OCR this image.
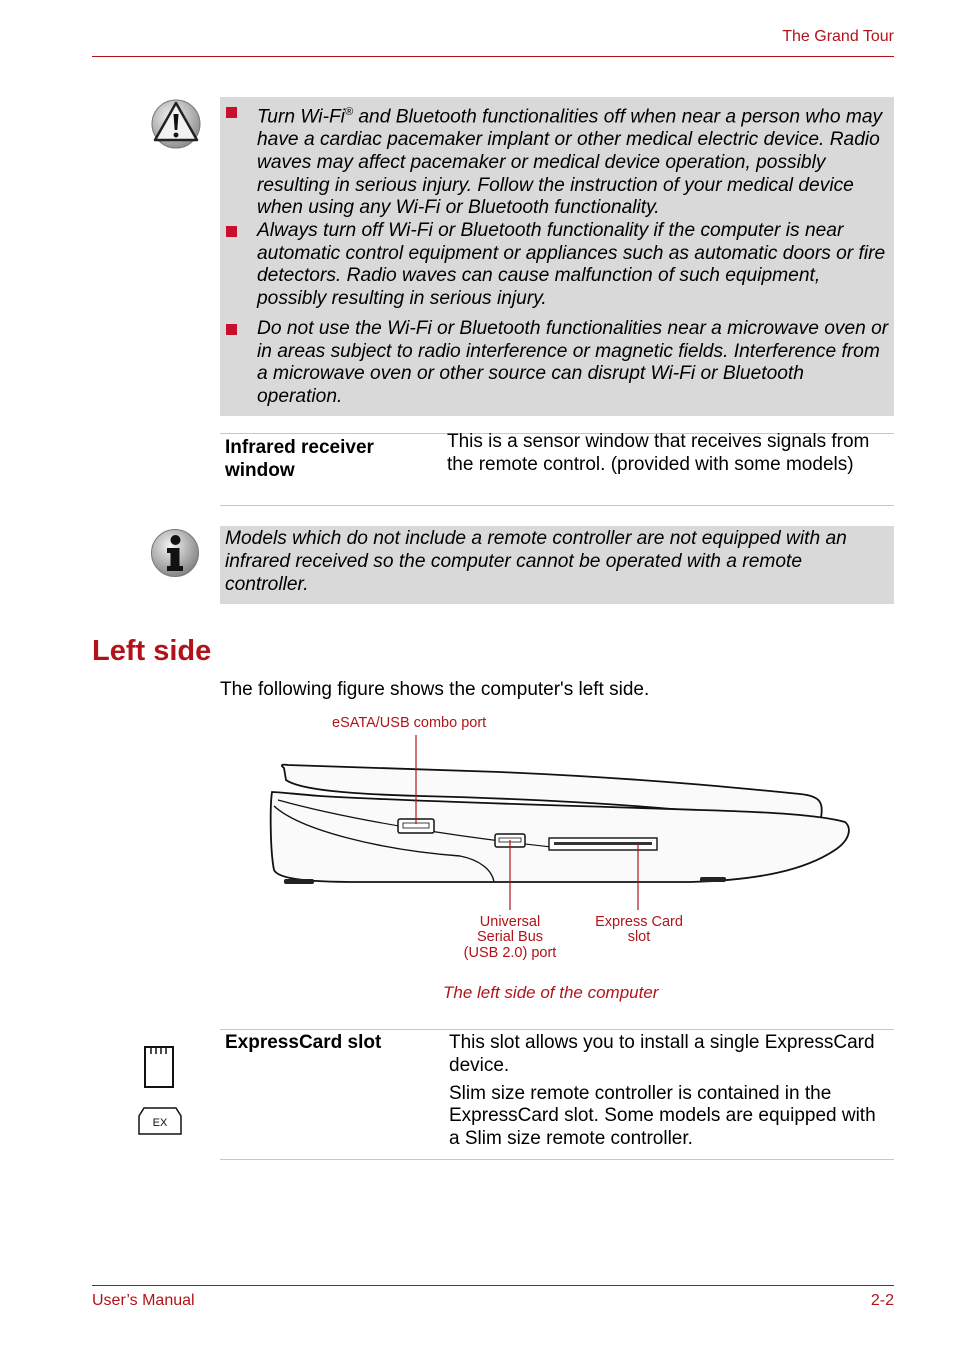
The Grand Tour
Turn Wi-Fi® and Bluetooth functionalities off when near a person who may have a cardiac pacemaker implant or other medical electric device. Radio waves may affect pacemaker or medical device operation, possibly resulting in serious injury. Follow the instruction of your medical device when using any Wi-Fi or Bluetooth functionality.
Always turn off Wi-Fi or Bluetooth functionality if the computer is near automatic control equipment or appliances such as automatic doors or fire detectors. Radio waves can cause malfunction of such equipment, possibly resulting in serious injury.
Do not use the Wi-Fi or Bluetooth functionalities near a microwave oven or in areas subject to radio interference or magnetic fields. Interference from a microwave oven or other source can disrupt Wi-Fi or Bluetooth operation.
Infrared receiver window
This is a sensor window that receives signals from the remote control. (provided with some models)
Models which do not include a remote controller are not equipped with an infrared received so the computer cannot be operated with a remote controller.
Left side
The following figure shows the computer's left side.
eSATA/USB combo port
Universal
Serial Bus
(USB 2.0) port
Express Card
slot
The left side of the computer
EX
ExpressCard slot	This slot allows you to install a single ExpressCard device.

Slim size remote controller is contained in the ExpressCard slot. Some models are equipped with a Slim size remote controller.

User’s Manual	2-2
